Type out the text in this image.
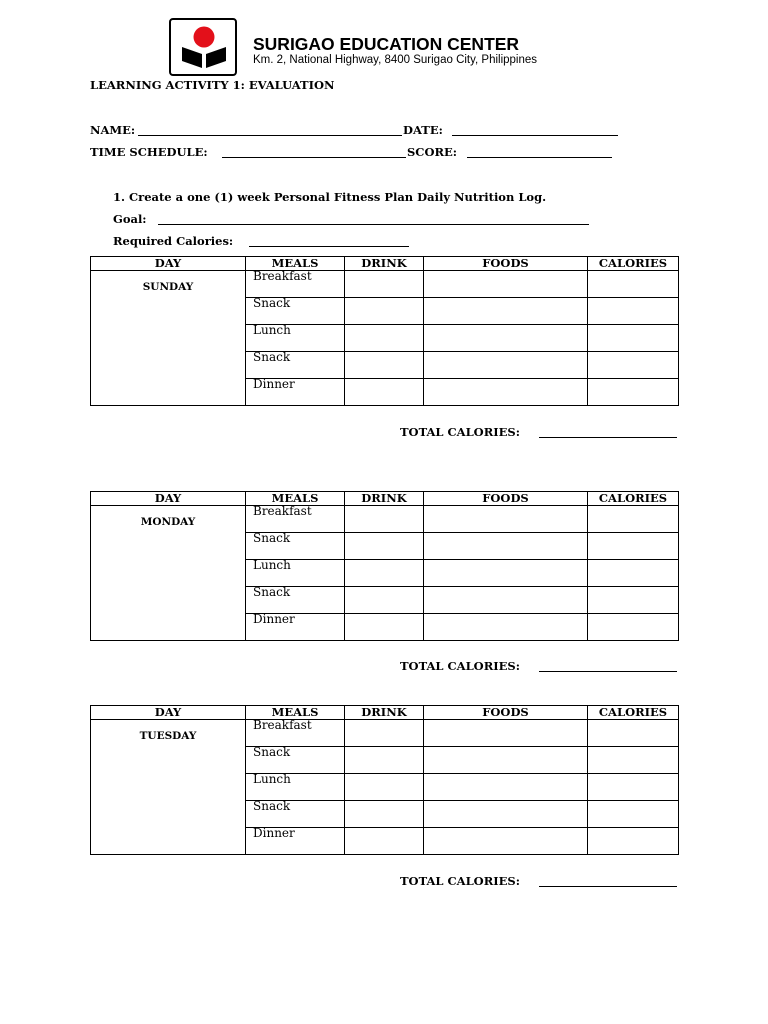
SURIGAO EDUCATION CENTER
Km. 2, National Highway, 8400 Surigao City, Philippines
LEARNING ACTIVITY 1: EVALUATION
NAME:	DATE:
TIME SCHEDULE:	SCORE:
1. Create a one (1) week Personal Fitness Plan Daily Nutrition Log.
Goal:
Required Calories:
DAY	MEALS	DRINK	FOODS	CALORIES
SUNDAY	Breakfast			
	Snack			
	Lunch			
	Snack			
	Dinner			
TOTAL CALORIES:
DAY	MEALS	DRINK	FOODS	CALORIES
MONDAY	Breakfast			
	Snack			
	Lunch			
	Snack			
	Dinner			
TOTAL CALORIES:
DAY	MEALS	DRINK	FOODS	CALORIES
TUESDAY	Breakfast			
	Snack			
	Lunch			
	Snack			
	Dinner			
TOTAL CALORIES:
